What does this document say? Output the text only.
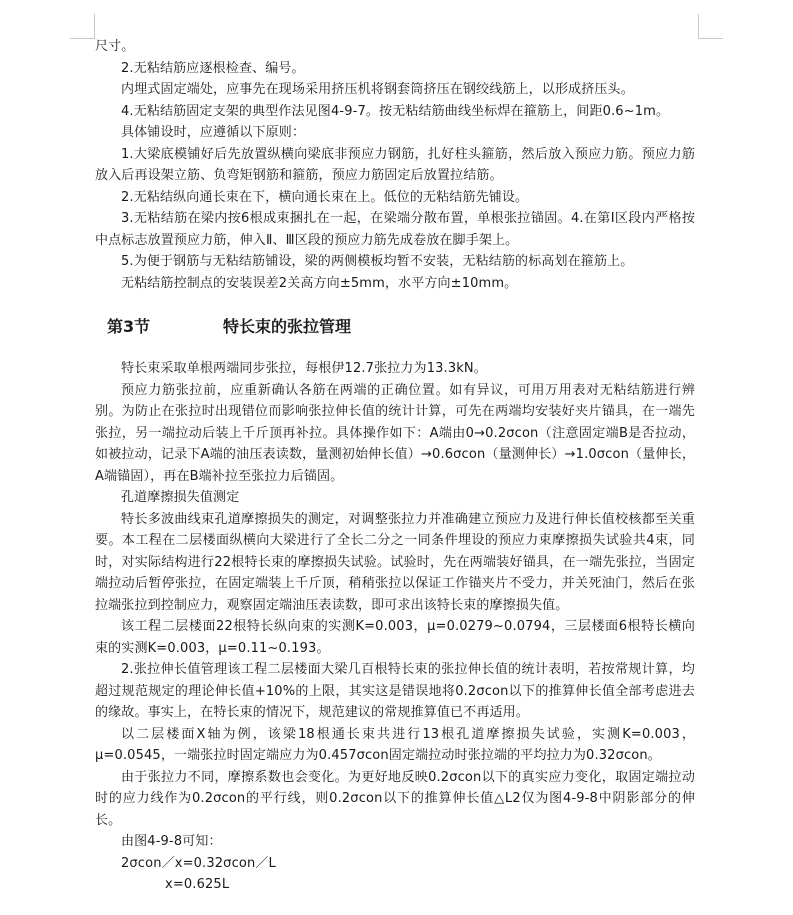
尺寸。

2.无粘结筋应逐根检查、编号。

内埋式固定端处，应事先在现场采用挤压机将钢套筒挤压在钢绞线筋上，以形成挤压头。

4.无粘结筋固定支架的典型作法见图4-9-7。按无粘结筋曲线坐标焊在箍筋上，间距0.6~1m。

具体铺设时，应遵循以下原则：

1.大梁底模铺好后先放置纵横向梁底非预应力钢筋，扎好柱头箍筋，然后放入预应力筋。预应力筋放入后再设架立筋、负弯矩钢筋和箍筋，预应力筋固定后放置拉结筋。

2.无粘结纵向通长束在下，横向通长束在上。低位的无粘结筋先铺设。

3.无粘结筋在梁内按6根成束捆扎在一起，在梁端分散布置，单根张拉锚固。4.在第Ⅰ区段内严格按中点标志放置预应力筋，伸入Ⅱ、Ⅲ区段的预应力筋先成卷放在脚手架上。

5.为便于钢筋与无粘结筋铺设，梁的两侧模板均暂不安装，无粘结筋的标高划在箍筋上。

无粘结筋控制点的安装误差2关高方向±5mm，水平方向±10mm。

第3节	特长束的张拉管理

特长束采取单根两端同步张拉，每根伊12.7张拉力为13.3kN。

预应力筋张拉前，应重新确认各筋在两端的正确位置。如有异议，可用万用表对无粘结筋进行辨别。为防止在张拉时出现错位而影响张拉伸长值的统计计算，可先在两端均安装好夹片锚具，在一端先张拉，另一端拉动后装上千斤顶再补拉。具体操作如下：A端由0→0.2σcon（注意固定端B是否拉动，如被拉动，记录下A端的油压表读数，量测初始伸长值）→0.6σcon（量测伸长）→1.0σcon（量伸长，A端锚固），再在B端补拉至张拉力后锚固。

孔道摩擦损失值测定

特长多波曲线束孔道摩擦损失的测定，对调整张拉力并准确建立预应力及进行伸长值校核都至关重要。本工程在二层楼面纵横向大梁进行了全长二分之一同条件埋设的预应力束摩擦损失试验共4束，同时，对实际结构进行22根特长束的摩擦损失试验。试验时，先在两端装好锚具，在一端先张拉，当固定端拉动后暂停张拉，在固定端装上千斤顶，稍稍张拉以保证工作锚夹片不受力，并关死油门，然后在张拉端张拉到控制应力，观察固定端油压表读数，即可求出该特长束的摩擦损失值。

该工程二层楼面22根特长纵向束的实测K=0.003，μ=0.0279~0.0794，三层楼面6根特长横向束的实测K=0.003，μ=0.11~0.193。

2.张拉伸长值管理该工程二层楼面大梁几百根特长束的张拉伸长值的统计表明，若按常规计算，均超过规范规定的理论伸长值+10%的上限，其实这是错误地将0.2σcon以下的推算伸长值全部考虑进去的缘故。事实上，在特长束的情况下，规范建议的常规推算值已不再适用。

以二层楼面X轴为例，该梁18根通长束共进行13根孔道摩擦损失试验，实测K=0.003，μ=0.0545，一端张拉时固定端应力为0.457σcon固定端拉动时张拉端的平均拉力为0.32σcon。

由于张拉力不同，摩擦系数也会变化。为更好地反映0.2σcon以下的真实应力变化，取固定端拉动时的应力线作为0.2σcon的平行线，则0.2σcon以下的推算伸长值△L2仅为图4-9-8中阴影部分的伸长。

由图4-9-8可知：

2σcon／x=0.32σcon／L

x=0.625L
